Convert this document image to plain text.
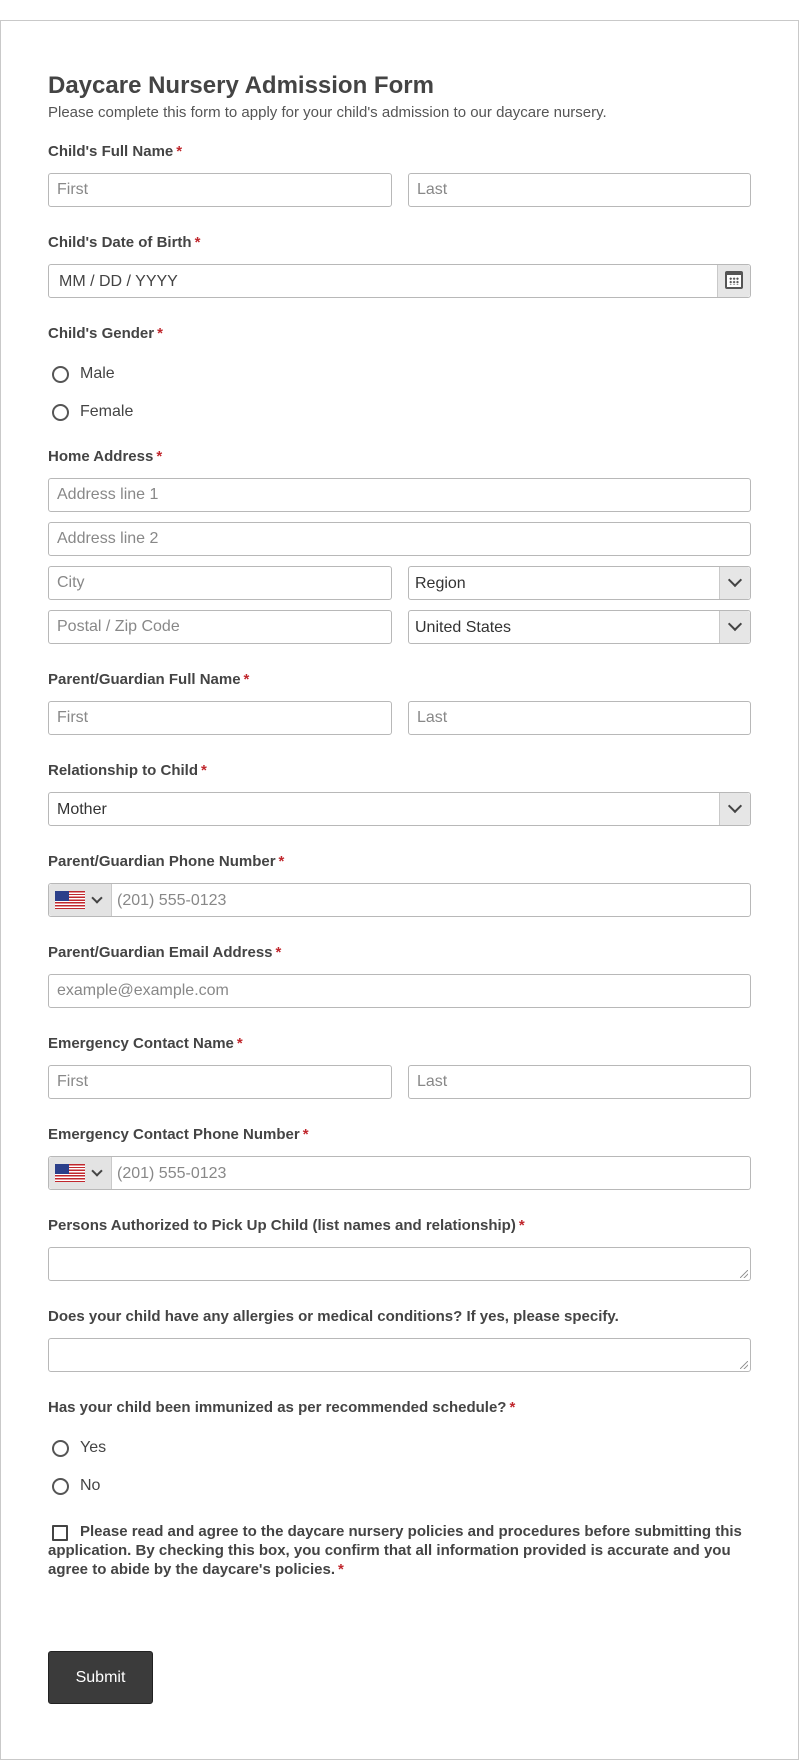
Daycare Nursery Admission Form
Please complete this form to apply for your child's admission to our daycare nursery.
Child's Full Name *
First
Last
Child's Date of Birth *
MM / DD / YYYY
Child's Gender *
Male
Female
Home Address *
Address line 1
Address line 2
City
Region
Postal / Zip Code
United States
Parent/Guardian Full Name *
First
Last
Relationship to Child *
Mother
Parent/Guardian Phone Number *
(201) 555-0123
Parent/Guardian Email Address *
example@example.com
Emergency Contact Name *
First
Last
Emergency Contact Phone Number *
(201) 555-0123
Persons Authorized to Pick Up Child (list names and relationship) *
Does your child have any allergies or medical conditions? If yes, please specify.
Has your child been immunized as per recommended schedule? *
Yes
No
Please read and agree to the daycare nursery policies and procedures before submitting this application. By checking this box, you confirm that all information provided is accurate and you agree to abide by the daycare's policies. *
Submit
